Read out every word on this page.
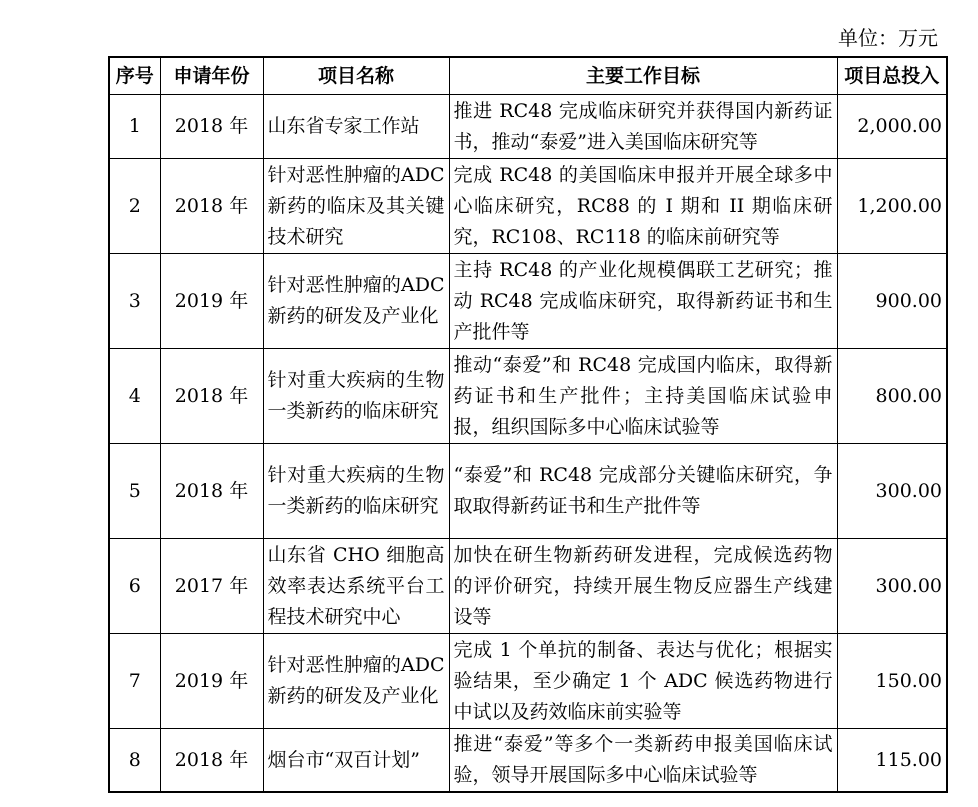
单位：万元
序号	申请年份	项目名称	主要工作目标	项目总投入
1	2018 年	山东省专家工作站	推进 RC48 完成临床研究并获得国内新药证书，推动“泰爱”进入美国临床研究等	2,000.00
2	2018 年	针对恶性肿瘤的ADC 新药的临床及其关键技术研究	完成 RC48 的美国临床申报并开展全球多中心临床研究，RC88 的 I 期和 II 期临床研究，RC108、RC118 的临床前研究等	1,200.00
3	2019 年	针对恶性肿瘤的ADC 新药的研发及产业化	主持 RC48 的产业化规模偶联工艺研究；推动 RC48 完成临床研究，取得新药证书和生产批件等	900.00
4	2018 年	针对重大疾病的生物一类新药的临床研究	推动“泰爱”和 RC48 完成国内临床，取得新药证书和生产批件；主持美国临床试验申报，组织国际多中心临床试验等	800.00
5	2018 年	针对重大疾病的生物一类新药的临床研究	“泰爱”和 RC48 完成部分关键临床研究，争取取得新药证书和生产批件等	300.00
6	2017 年	山东省 CHO 细胞高效率表达系统平台工程技术研究中心	加快在研生物新药研发进程，完成候选药物的评价研究，持续开展生物反应器生产线建设等	300.00
7	2019 年	针对恶性肿瘤的ADC 新药的研发及产业化	完成 1 个单抗的制备、表达与优化；根据实验结果，至少确定 1 个 ADC 候选药物进行中试以及药效临床前实验等	150.00
8	2018 年	烟台市“双百计划”	推进“泰爱”等多个一类新药申报美国临床试验，领导开展国际多中心临床试验等	115.00
